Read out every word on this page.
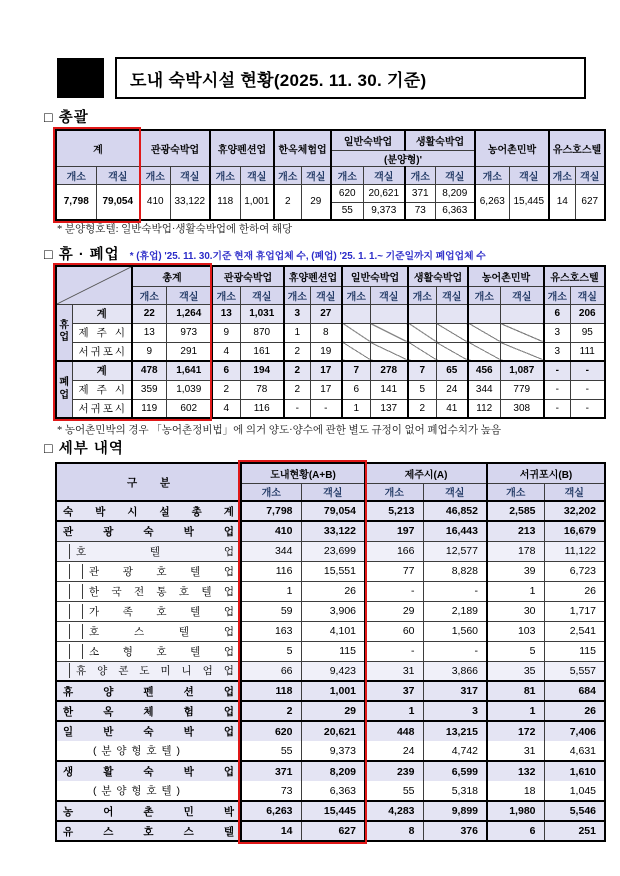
도내 숙박시설 현황(2025. 11. 30. 기준)
□ 총괄
계		관광숙박업		휴양펜션업		한옥체험업		일반숙박업		생활숙박업		농어촌민박		유스호스텔	
								(분양형)'							
개소	객실	개소	객실	개소	객실	개소	객실	개소	객실	개소	객실	개소	객실	개소	객실
7,798	79,054	410	33,122	118	1,001	2	29	620	20,621	371	8,209	6,263	15,445	14	627
								55	9,373	73	6,363				
* 분양형호텔: 일반숙박업·생활숙박업에 한하여 해당
□ 휴 · 폐업 * (휴업) '25. 11. 30.기준 현재 휴업업체 수, (폐업) '25. 1. 1.~ 기준일까지 폐업업체 수
		총계		관광숙박업		휴양펜션업		일반숙박업		생활숙박업		농어촌민박		유스호스텔	
		개소	객실	개소	객실	개소	객실	개소	객실	개소	객실	개소	객실	개소	객실

휴업	계	22	1,264	13	1,031	3	27							6	206

	제 주 시	13	973	9	870	1	8							3	95

	서 귀 포 시	9	291	4	161	2	19							3	111

폐업	계	478	1,641	6	194	2	17	7	278	7	65	456	1,087	-	-

	제 주 시	359	1,039	2	78	2	17	6	141	5	24	344	779	-	-

	서 귀 포 시	119	602	4	116	-	-	1	137	2	41	112	308	-	-
* 농어촌민박의 경우 「농어촌정비법」에 의거 양도·양수에 관한 별도 규정이 없어 폐업수치가 높음
□ 세부 내역
구 분	도내현황(A+B)		제주시(A)		서귀포시(B)	
	개소	객실	개소	객실	개소	객실

숙 박 시 설 총 계	7,798	79,054	5,213	46,852	2,585	32,202

관 광 숙 박 업	410	33,122	197	16,443	213	16,679

호 텔 업	344	23,699	166	12,577	178	11,122

관 광 호 텔 업	116	15,551	77	8,828	39	6,723

한 국 전 통 호 텔 업	1	26	-	-	1	26

가 족 호 텔 업	59	3,906	29	2,189	30	1,717

호 스 텔 업	163	4,101	60	1,560	103	2,541

소 형 호 텔 업	5	115	-	-	5	115

휴 양 콘 도 미 니 엄 업	66	9,423	31	3,866	35	5,557

휴 양 펜 션 업	118	1,001	37	317	81	684

한 옥 체 험 업	2	29	1	3	1	26

일 반 숙 박 업	620	20,621	448	13,215	172	7,406

( 분 양 형 호 텔 )	55	9,373	24	4,742	31	4,631

생 활 숙 박 업	371	8,209	239	6,599	132	1,610

( 분 양 형 호 텔 )	73	6,363	55	5,318	18	1,045

농 어 촌 민 박	6,263	15,445	4,283	9,899	1,980	5,546

유 스 호 스 텔	14	627	8	376	6	251
